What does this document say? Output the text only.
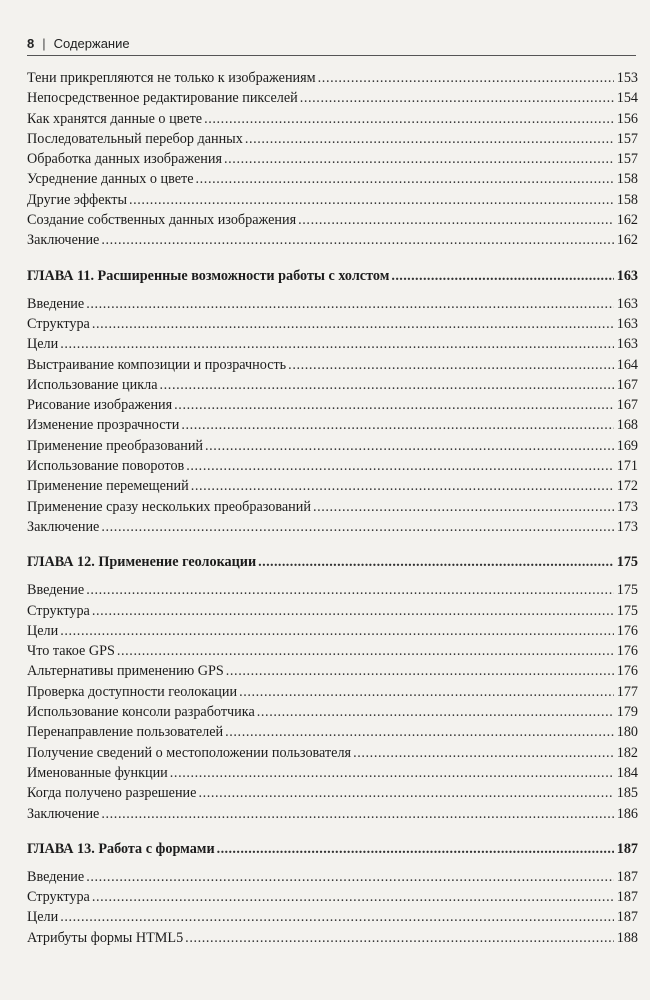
8 | Содержание
Тени прикрепляются не только к изображениям .....	153
Непосредственное редактирование пикселей .....	154
Как хранятся данные о цвете .....	156
Последовательный перебор данных .....	157
Обработка данных изображения .....	157
Усреднение данных о цвете .....	158
Другие эффекты .....	158
Создание собственных данных изображения .....	162
Заключение .....	162
ГЛАВА 11. Расширенные возможности работы с холстом .....	163
Введение .....	163
Структура .....	163
Цели .....	163
Выстраивание композиции и прозрачность .....	164
Использование цикла .....	167
Рисование изображения .....	167
Изменение прозрачности .....	168
Применение преобразований .....	169
Использование поворотов .....	171
Применение перемещений .....	172
Применение сразу нескольких преобразований .....	173
Заключение .....	173
ГЛАВА 12. Применение геолокации .....	175
Введение .....	175
Структура .....	175
Цели .....	176
Что такое GPS .....	176
Альтернативы применению GPS .....	176
Проверка доступности геолокации .....	177
Использование консоли разработчика .....	179
Перенаправление пользователей .....	180
Получение сведений о местоположении пользователя .....	182
Именованные функции .....	184
Когда получено разрешение .....	185
Заключение .....	186
ГЛАВА 13. Работа с формами .....	187
Введение .....	187
Структура .....	187
Цели .....	187
Атрибуты формы HTML5 .....	188
